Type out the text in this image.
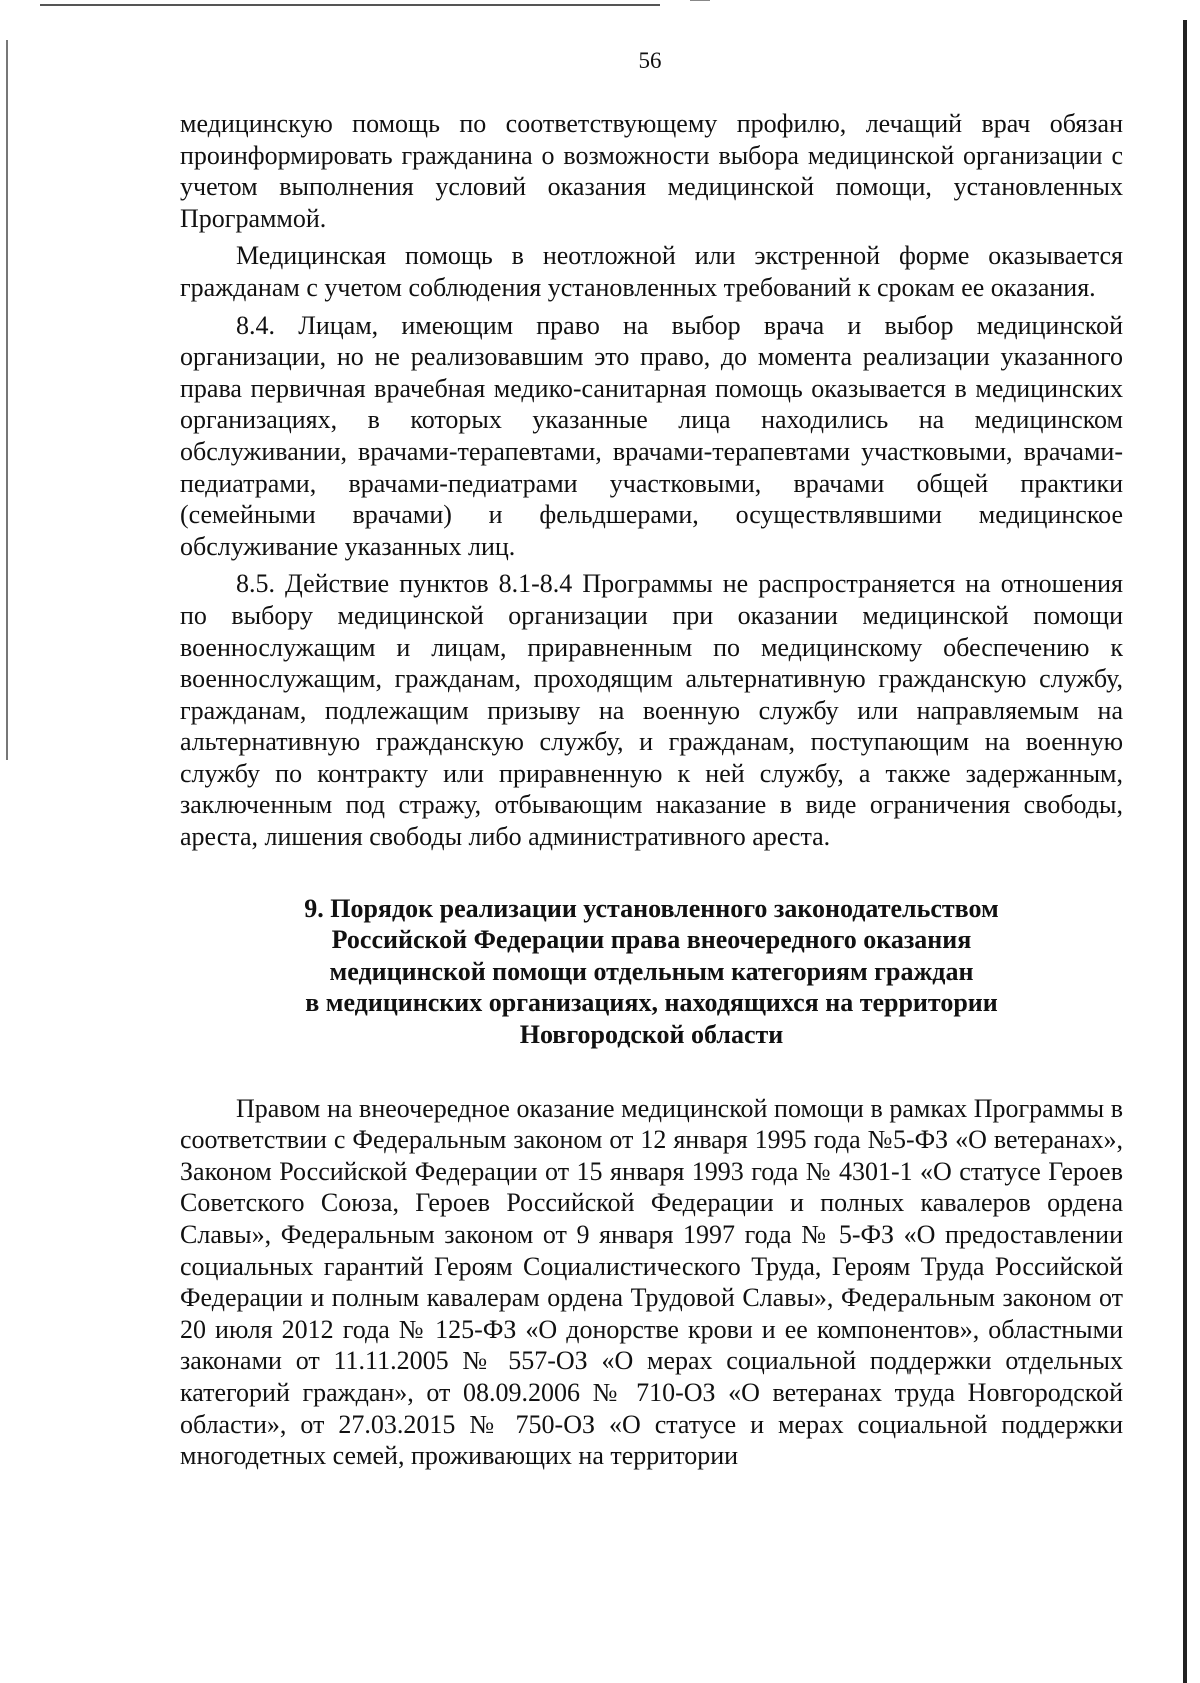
56

медицинскую помощь по соответствующему профилю, лечащий врач обязан проинформировать гражданина о возможности выбора медицинской организации с учетом выполнения условий оказания медицинской помощи, установленных Программой.

Медицинская помощь в неотложной или экстренной форме оказывается гражданам с учетом соблюдения установленных требований к срокам ее оказания.

8.4. Лицам, имеющим право на выбор врача и выбор медицинской организации, но не реализовавшим это право, до момента реализации указанного права первичная врачебная медико-санитарная помощь оказывается в медицинских организациях, в которых указанные лица находились на медицинском обслуживании, врачами-терапевтами, врачами-терапевтами участковыми, врачами-педиатрами, врачами-педиатрами участковыми, врачами общей практики (семейными врачами) и фельдшерами, осуществлявшими медицинское обслуживание указанных лиц.

8.5. Действие пунктов 8.1-8.4 Программы не распространяется на отношения по выбору медицинской организации при оказании медицинской помощи военнослужащим и лицам, приравненным по медицинскому обеспечению к военнослужащим, гражданам, проходящим альтернативную гражданскую службу, гражданам, подлежащим призыву на военную службу или направляемым на альтернативную гражданскую службу, и гражданам, поступающим на военную службу по контракту или приравненную к ней службу, а также задержанным, заключенным под стражу, отбывающим наказание в виде ограничения свободы, ареста, лишения свободы либо административного ареста.

9. Порядок реализации установленного законодательством
Российской Федерации права внеочередного оказания
медицинской помощи отдельным категориям граждан
в медицинских организациях, находящихся на территории
Новгородской области

Правом на внеочередное оказание медицинской помощи в рамках Программы в соответствии с Федеральным законом от 12 января 1995 года №5-ФЗ «О ветеранах», Законом Российской Федерации от 15 января 1993 года № 4301-1 «О статусе Героев Советского Союза, Героев Российской Федерации и полных кавалеров ордена Славы», Федеральным законом от 9 января 1997 года № 5-ФЗ «О предоставлении социальных гарантий Героям Социалистического Труда, Героям Труда Российской Федерации и полным кавалерам ордена Трудовой Славы», Федеральным законом от 20 июля 2012 года № 125-ФЗ «О донорстве крови и ее компонентов», областными законами от 11.11.2005 № 557-ОЗ «О мерах социальной поддержки отдельных категорий граждан», от 08.09.2006 № 710-ОЗ «О ветеранах труда Новгородской области», от 27.03.2015 № 750-ОЗ «О статусе и мерах социальной поддержки многодетных семей, проживающих на территории
